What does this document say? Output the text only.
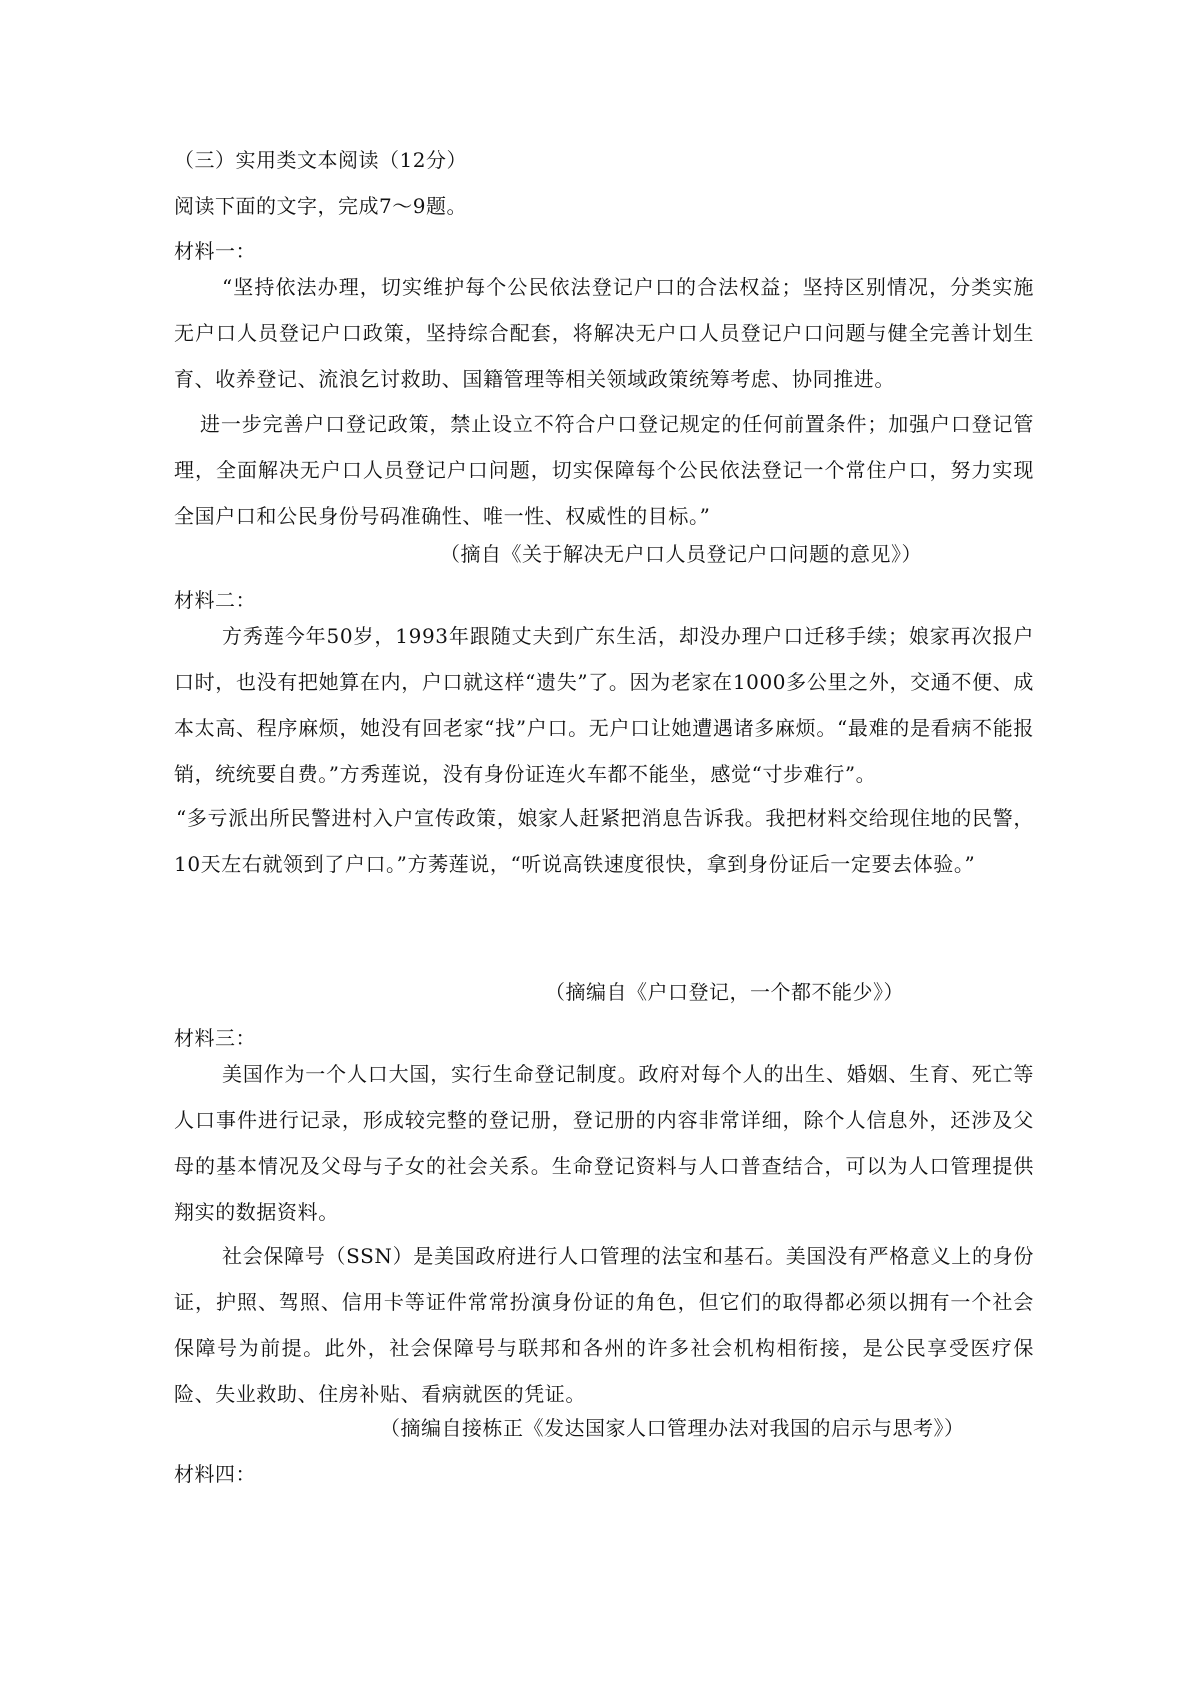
（三）实用类文本阅读（12分）
阅读下面的文字，完成7～9题。
材料一：
“坚持依法办理，切实维护每个公民依法登记户口的合法权益；坚持区别情况，分类实施无户口人员登记户口政策，坚持综合配套，将解决无户口人员登记户口问题与健全完善计划生育、收养登记、流浪乞讨救助、国籍管理等相关领域政策统筹考虑、协同推进。
进一步完善户口登记政策，禁止设立不符合户口登记规定的任何前置条件；加强户口登记管理，全面解决无户口人员登记户口问题，切实保障每个公民依法登记一个常住户口，努力实现全国户口和公民身份号码准确性、唯一性、权威性的目标。”
（摘自《关于解决无户口人员登记户口问题的意见》）
材料二：
方秀莲今年50岁，1993年跟随丈夫到广东生活，却没办理户口迁移手续；娘家再次报户口时，也没有把她算在内，户口就这样“遗失”了。因为老家在1000多公里之外，交通不便、成本太高、程序麻烦，她没有回老家“找”户口。无户口让她遭遇诸多麻烦。“最难的是看病不能报销，统统要自费。”方秀莲说，没有身份证连火车都不能坐，感觉“寸步难行”。
“多亏派出所民警进村入户宣传政策，娘家人赶紧把消息告诉我。我把材料交给现住地的民警，10天左右就领到了户口。”方莠莲说，“听说高铁速度很快，拿到身份证后一定要去体验。”
（摘编自《户口登记，一个都不能少》）
材料三：
美国作为一个人口大国，实行生命登记制度。政府对每个人的出生、婚姻、生育、死亡等人口事件进行记录，形成较完整的登记册，登记册的内容非常详细，除个人信息外，还涉及父母的基本情况及父母与子女的社会关系。生命登记资料与人口普查结合，可以为人口管理提供翔实的数据资料。
社会保障号（SSN）是美国政府进行人口管理的法宝和基石。美国没有严格意义上的身份证，护照、驾照、信用卡等证件常常扮演身份证的角色，但它们的取得都必须以拥有一个社会保障号为前提。此外，社会保障号与联邦和各州的许多社会机构相衔接，是公民享受医疗保险、失业救助、住房补贴、看病就医的凭证。
（摘编自接栋正《发达国家人口管理办法对我国的启示与思考》）
材料四：
